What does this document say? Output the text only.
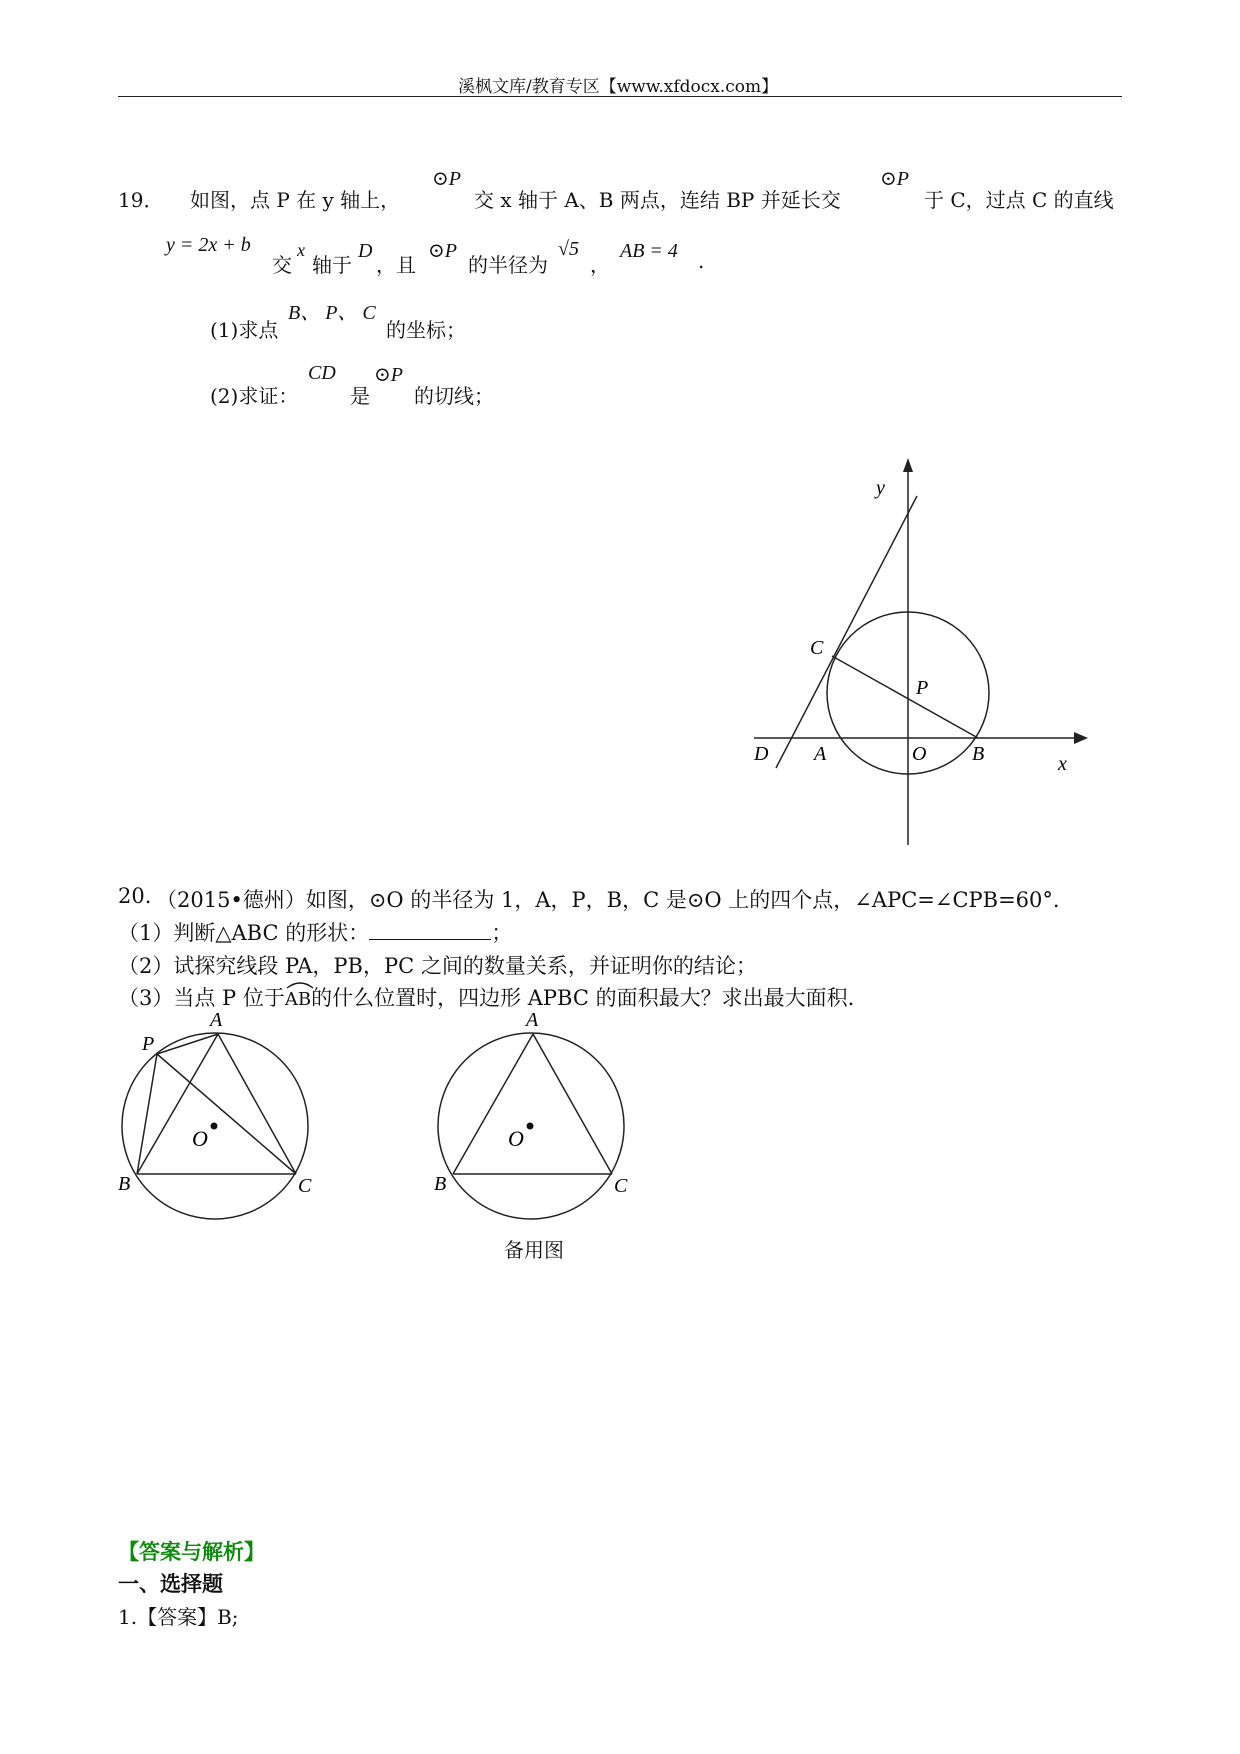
溪枫文库/教育专区【www.xfdocx.com】
19． 如图，点 P 在 y 轴上，
⊙P
交 x 轴于 A、B 两点，连结 BP 并延长交
⊙P
于 C，过点 C 的直线
y = 2x + b
交
x
轴于
D
，且
⊙P
的半径为
√5
，
AB = 4 .
(1)求点
B、 P、 C
的坐标；
(2)求证：
CD
是
⊙P
的切线；
y
x
C
P
D A	O B
20. （2015•德州）如图，⊙O 的半径为 1，A，P，B，C 是⊙O 上的四个点，∠APC=∠CPB=60°.
（1）判断△ABC 的形状：	；
（2）试探究线段 PA，PB，PC 之间的数量关系，并证明你的结论；
（3）当点 P 位于
AB的什么位置时，四边形 APBC 的面积最大？求出最大面积.
A
P
O
B	C
A
O
B	C
备用图
【答案与解析】
一、选择题
1.【答案】B;
